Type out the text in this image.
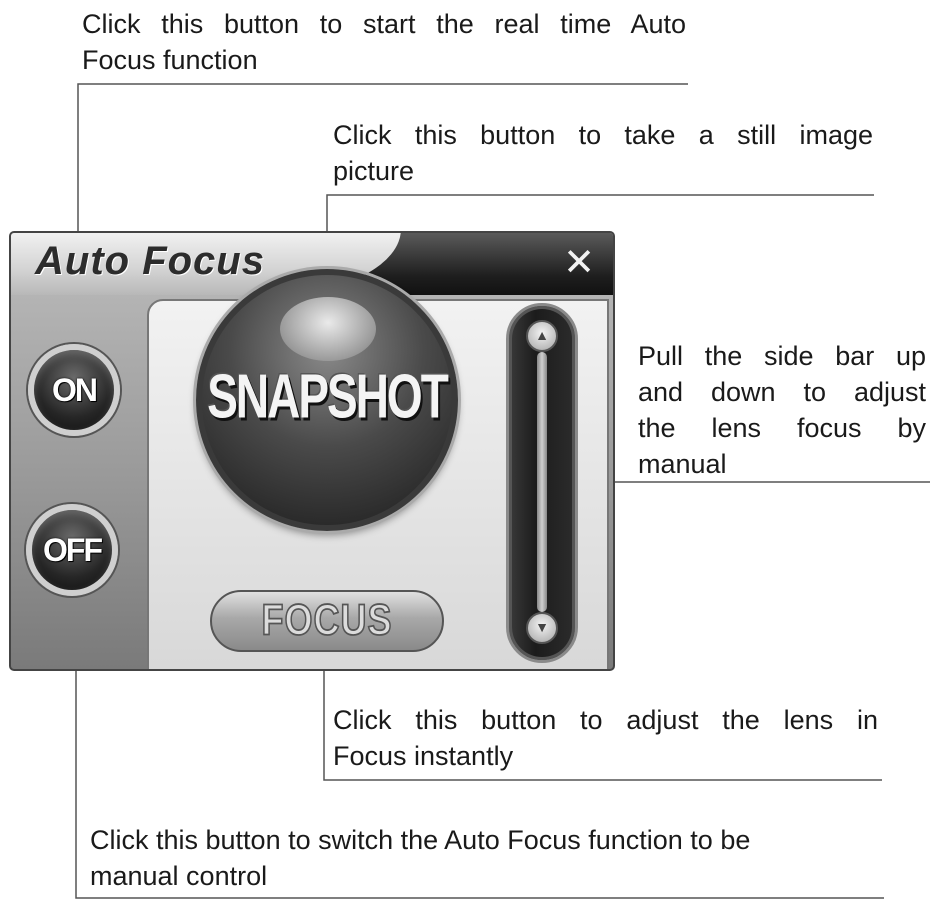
Click this button to start the real time Auto
Focus function

Click this button to take a still image
picture

Pull the side bar up
and down to adjust
the lens focus by
manual

Click this button to adjust the lens in
Focus instantly

Click this button to switch the Auto Focus function to be
manual control

Auto Focus	✕
ON
OFF
SNAPSHOT
FOCUS
▲
▼
